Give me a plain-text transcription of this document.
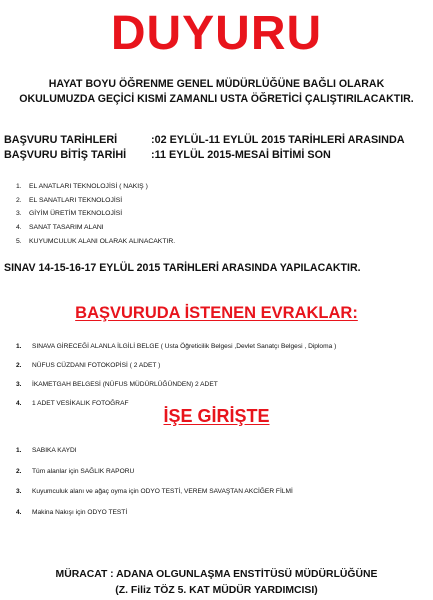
DUYURU
HAYAT BOYU ÖĞRENME GENEL MÜDÜRLÜĞÜNE BAĞLI OLARAK
OKULUMUZDA GEÇİCİ KISMİ ZAMANLI USTA ÖĞRETİCİ ÇALIŞTIRILACAKTIR.
BAŞVURU TARİHLERİ	:02 EYLÜL-11 EYLÜL 2015 TARİHLERİ ARASINDA
BAŞVURU BİTİŞ TARİHİ	:11 EYLÜL 2015-MESAİ BİTİMİ SON
1.	EL ANATLARI TEKNOLOJİSİ ( NAKIŞ )
2.	EL SANATLARI TEKNOLOJİSİ
3.	GİYİM ÜRETİM TEKNOLOJİSİ
4.	SANAT TASARIM ALANI
5.	KUYUMCULUK ALANI OLARAK ALINACAKTIR.
SINAV 14-15-16-17 EYLÜL 2015 TARİHLERİ ARASINDA YAPILACAKTIR.
BAŞVURUDA İSTENEN EVRAKLAR:
1.	SINAVA GİRECEĞİ ALANLA İLGİLİ BELGE ( Usta Öğreticilik Belgesi ,Devlet Sanatçı Belgesi , Diploma )
2.	NÜFUS CÜZDANI FOTOKOPİSİ ( 2 ADET )
3.	İKAMETGAH BELGESİ (NÜFUS MÜDÜRLÜĞÜNDEN) 2 ADET
4.	1 ADET VESİKALIK FOTOĞRAF
İŞE GİRİŞTE
1.	SABIKA KAYDI
2.	Tüm alanlar için SAĞLIK RAPORU
3.	Kuyumculuk alanı ve ağaç oyma için ODYO TESTİ, VEREM SAVAŞTAN AKCİĞER FİLMİ
4.	Makina Nakışı için ODYO TESTİ
MÜRACAT : ADANA OLGUNLAŞMA ENSTİTÜSÜ MÜDÜRLÜĞÜNE
(Z. Filiz TÖZ 5. KAT MÜDÜR YARDIMCISI)
